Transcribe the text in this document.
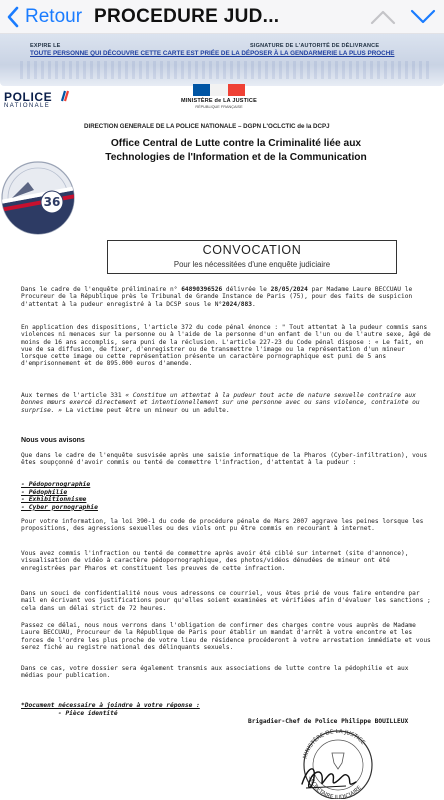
Retour PROCEDURE JUD...
EXPIRE LE	SIGNATURE DE L'AUTORITÉ DE DÉLIVRANCE
TOUTE PERSONNE QUI DÉCOUVRE CETTE CARTE EST PRIÉE DE LA DÉPOSER À LA GENDARMERIE LA PLUS PROCHE
POLICE
NATIONALE
MINISTÈRE de LA JUSTICE
RÉPUBLIQUE FRANÇAISE
DIRECTION GENERALE DE LA POLICE NATIONALE – DGPN L'OCLCTIC de la DCPJ
Office Central de Lutte contre la Criminalité liée aux Technologies de l'Information et de la Communication
36
CONVOCATION
Pour les nécessitées d'une enquête judiciaire
Dans le cadre de l'enquête préliminaire n° 64890396526 délivrée le 28/05/2024 par Madame Laure BECCUAU le Procureur de la République près le Tribunal de Grande Instance de Paris (75), pour des faits de suspicion d'attentat à la pudeur enregistré à la DCSP sous le N°2024/883.
En application des dispositions, l'article 372 du code pénal énonce : " Tout attentat à la pudeur commis sans violences ni menaces sur la personne ou à l'aide de la personne d'un enfant de l'un ou de l'autre sexe, âgé de moins de 16 ans accomplis, sera puni de la réclusion. L'article 227-23 du Code pénal dispose : « Le fait, en vue de sa diffusion, de fixer, d'enregistrer ou de transmettre l'image ou la représentation d'un mineur lorsque cette image ou cette représentation présente un caractère pornographique est puni de 5 ans d'emprisonnement et de 895.000 euros d'amende.
Aux termes de l'article 331 « Constitue un attentat à la pudeur tout acte de nature sexuelle contraire aux bonnes mœurs exercé directement et intentionnellement sur une personne avec ou sans violence, contrainte ou surprise. » La victime peut être un mineur ou un adulte.
Nous vous avisons
Que dans le cadre de l'enquête susvisée après une saisie informatique de la Pharos (Cyber-infiltration), vous êtes soupçonné d'avoir commis ou tenté de commettre l'infraction, d'attentat à la pudeur :
- Pédopornographie
- Pédophilie
- Exhibitionnisme
- Cyber pornographie
Pour votre information, la loi 390-1 du code de procédure pénale de Mars 2007 aggrave les peines lorsque les propositions, des agressions sexuelles ou des viols ont pu être commis en recourant à internet.
Vous avez commis l'infraction ou tenté de commettre après avoir été ciblé sur internet (site d'annonce), visualisation de vidéo à caractère pédopornographique, des photos/vidéos dénudées de mineur ont été enregistrées par Pharos et constituent les preuves de cette infraction.
Dans un souci de confidentialité nous vous adressons ce courriel, vous êtes prié de vous faire entendre par mail en écrivant vos justifications pour qu'elles soient examinées et vérifiées afin d'évaluer les sanctions ; cela dans un délai strict de 72 heures.
Passez ce délai, nous nous verrons dans l'obligation de confirmer des charges contre vous auprès de Madame Laure BECCUAU, Procureur de la République de Paris pour établir un mandat d'arrêt à votre encontre et les forces de l'ordre les plus proche de votre lieu de résidence procéderont à votre arrestation immédiate et vous serez fiché au registre national des délinquants sexuels.
Dans ce cas, votre dossier sera également transmis aux associations de lutte contre la pédophilie et aux médias pour publication.
*Document nécessaire à joindre à votre réponse :
- Pièce identité
Brigadier-Chef de Police Philippe BOUILLEUX
MINISTÈRE DE LA JUSTICE
SECRÉTAIRE JUDICIAIRE
